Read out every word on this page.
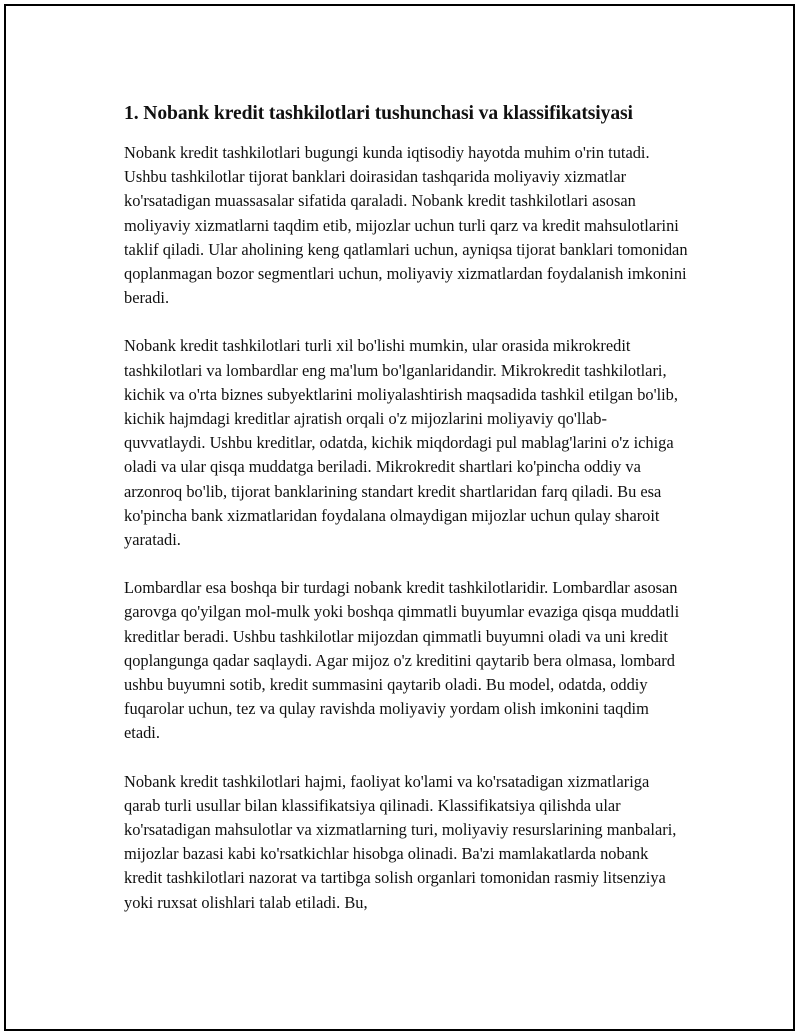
1. Nobank kredit tashkilotlari tushunchasi va klassifikatsiyasi

Nobank kredit tashkilotlari bugungi kunda iqtisodiy hayotda muhim o'rin tutadi. Ushbu tashkilotlar tijorat banklari doirasidan tashqarida moliyaviy xizmatlar ko'rsatadigan muassasalar sifatida qaraladi. Nobank kredit tashkilotlari asosan moliyaviy xizmatlarni taqdim etib, mijozlar uchun turli qarz va kredit mahsulotlarini taklif qiladi. Ular aholining keng qatlamlari uchun, ayniqsa tijorat banklari tomonidan qoplanmagan bozor segmentlari uchun, moliyaviy xizmatlardan foydalanish imkonini beradi.

Nobank kredit tashkilotlari turli xil bo'lishi mumkin, ular orasida mikrokredit tashkilotlari va lombardlar eng ma'lum bo'lganlaridandir. Mikrokredit tashkilotlari, kichik va o'rta biznes subyektlarini moliyalashtirish maqsadida tashkil etilgan bo'lib, kichik hajmdagi kreditlar ajratish orqali o'z mijozlarini moliyaviy qo'llab-quvvatlaydi. Ushbu kreditlar, odatda, kichik miqdordagi pul mablag'larini o'z ichiga oladi va ular qisqa muddatga beriladi. Mikrokredit shartlari ko'pincha oddiy va arzonroq bo'lib, tijorat banklarining standart kredit shartlaridan farq qiladi. Bu esa ko'pincha bank xizmatlaridan foydalana olmaydigan mijozlar uchun qulay sharoit yaratadi.

Lombardlar esa boshqa bir turdagi nobank kredit tashkilotlaridir. Lombardlar asosan garovga qo'yilgan mol-mulk yoki boshqa qimmatli buyumlar evaziga qisqa muddatli kreditlar beradi. Ushbu tashkilotlar mijozdan qimmatli buyumni oladi va uni kredit qoplangunga qadar saqlaydi. Agar mijoz o'z kreditini qaytarib bera olmasa, lombard ushbu buyumni sotib, kredit summasini qaytarib oladi. Bu model, odatda, oddiy fuqarolar uchun, tez va qulay ravishda moliyaviy yordam olish imkonini taqdim etadi.

Nobank kredit tashkilotlari hajmi, faoliyat ko'lami va ko'rsatadigan xizmatlariga qarab turli usullar bilan klassifikatsiya qilinadi. Klassifikatsiya qilishda ular ko'rsatadigan mahsulotlar va xizmatlarning turi, moliyaviy resurslarining manbalari, mijozlar bazasi kabi ko'rsatkichlar hisobga olinadi. Ba'zi mamlakatlarda nobank kredit tashkilotlari nazorat va tartibga solish organlari tomonidan rasmiy litsenziya yoki ruxsat olishlari talab etiladi. Bu,
